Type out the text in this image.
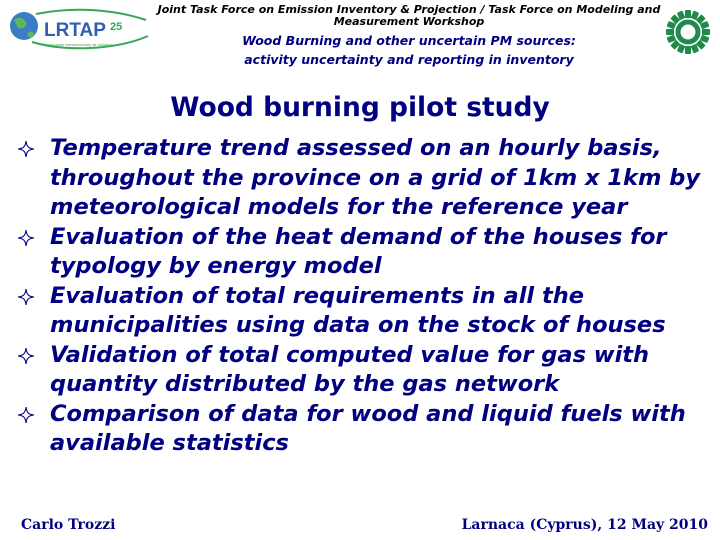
LRTAP 25
Long-range transboundary air pollution
Joint Task Force on Emission Inventory & Projection / Task Force on Modeling and Measurement Workshop
Wood Burning and other uncertain PM sources:
activity uncertainty and reporting in inventory
Wood burning pilot study
Temperature trend assessed on an hourly basis, throughout the province on a grid of 1km x 1km by meteorological models for the reference year
Evaluation of the heat demand of the houses for typology by energy model
Evaluation of total requirements in all the municipalities using data on the stock of houses
Validation of total computed value for gas with quantity distributed by the gas network
Comparison of data for wood and liquid fuels with available statistics
Carlo Trozzi	Larnaca (Cyprus), 12 May 2010
